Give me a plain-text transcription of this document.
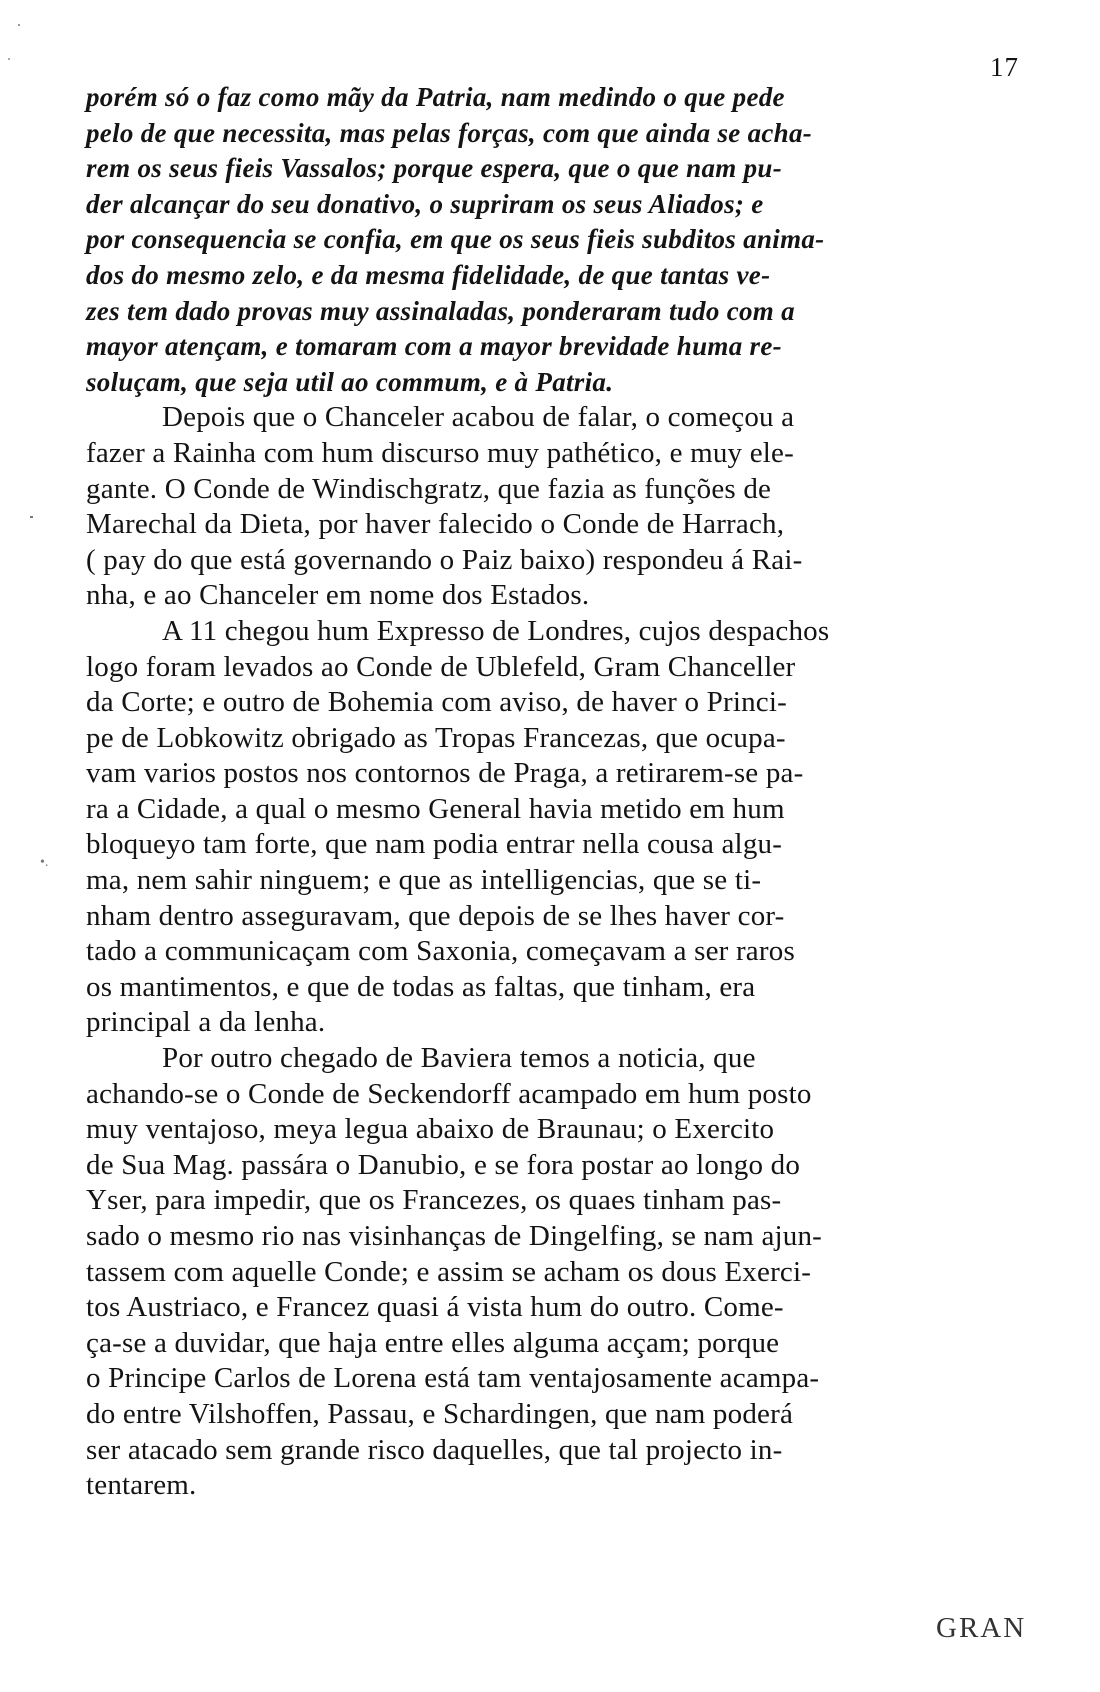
17
•.
porém só o faz como mãy da Patria, nam medindo o que pede
pelo de que necessita, mas pelas forças, com que ainda se acha-
rem os seus fieis Vassalos; porque espera, que o que nam pu-
der alcançar do seu donativo, o supriram os seus Aliados; e
por consequencia se confia, em que os seus fieis subditos anima-
dos do mesmo zelo, e da mesma fidelidade, de que tantas ve-
zes tem dado provas muy assinaladas, ponderaram tudo com a
mayor atençam, e tomaram com a mayor brevidade huma re-
soluçam, que seja util ao commum, e à Patria.
Depois que o Chanceler acabou de falar, o começou a
fazer a Rainha com hum discurso muy pathético, e muy ele-
gante. O Conde de Windischgratz, que fazia as funções de
Marechal da Dieta, por haver falecido o Conde de Harrach,
( pay do que está governando o Paiz baixo) respondeu á Rai-
nha, e ao Chanceler em nome dos Estados.
A 11 chegou hum Expresso de Londres, cujos despachos
logo foram levados ao Conde de Ublefeld, Gram Chanceller
da Corte; e outro de Bohemia com aviso, de haver o Princi-
pe de Lobkowitz obrigado as Tropas Francezas, que ocupa-
vam varios postos nos contornos de Praga, a retirarem-se pa-
ra a Cidade, a qual o mesmo General havia metido em hum
bloqueyo tam forte, que nam podia entrar nella cousa algu-
ma, nem sahir ninguem; e que as intelligencias, que se ti-
nham dentro asseguravam, que depois de se lhes haver cor-
tado a communicaçam com Saxonia, começavam a ser raros
os mantimentos, e que de todas as faltas, que tinham, era
principal a da lenha.
Por outro chegado de Baviera temos a noticia, que
achando-se o Conde de Seckendorff acampado em hum posto
muy ventajoso, meya legua abaixo de Braunau; o Exercito
de Sua Mag. passára o Danubio, e se fora postar ao longo do
Yser, para impedir, que os Francezes, os quaes tinham pas-
sado o mesmo rio nas visinhanças de Dingelfing, se nam ajun-
tassem com aquelle Conde; e assim se acham os dous Exerci-
tos Austriaco, e Francez quasi á vista hum do outro. Come-
ça-se a duvidar, que haja entre elles alguma acçam; porque
o Principe Carlos de Lorena está tam ventajosamente acampa-
do entre Vilshoffen, Passau, e Schardingen, que nam poderá
ser atacado sem grande risco daquelles, que tal projecto in-
tentarem.
GRAN
